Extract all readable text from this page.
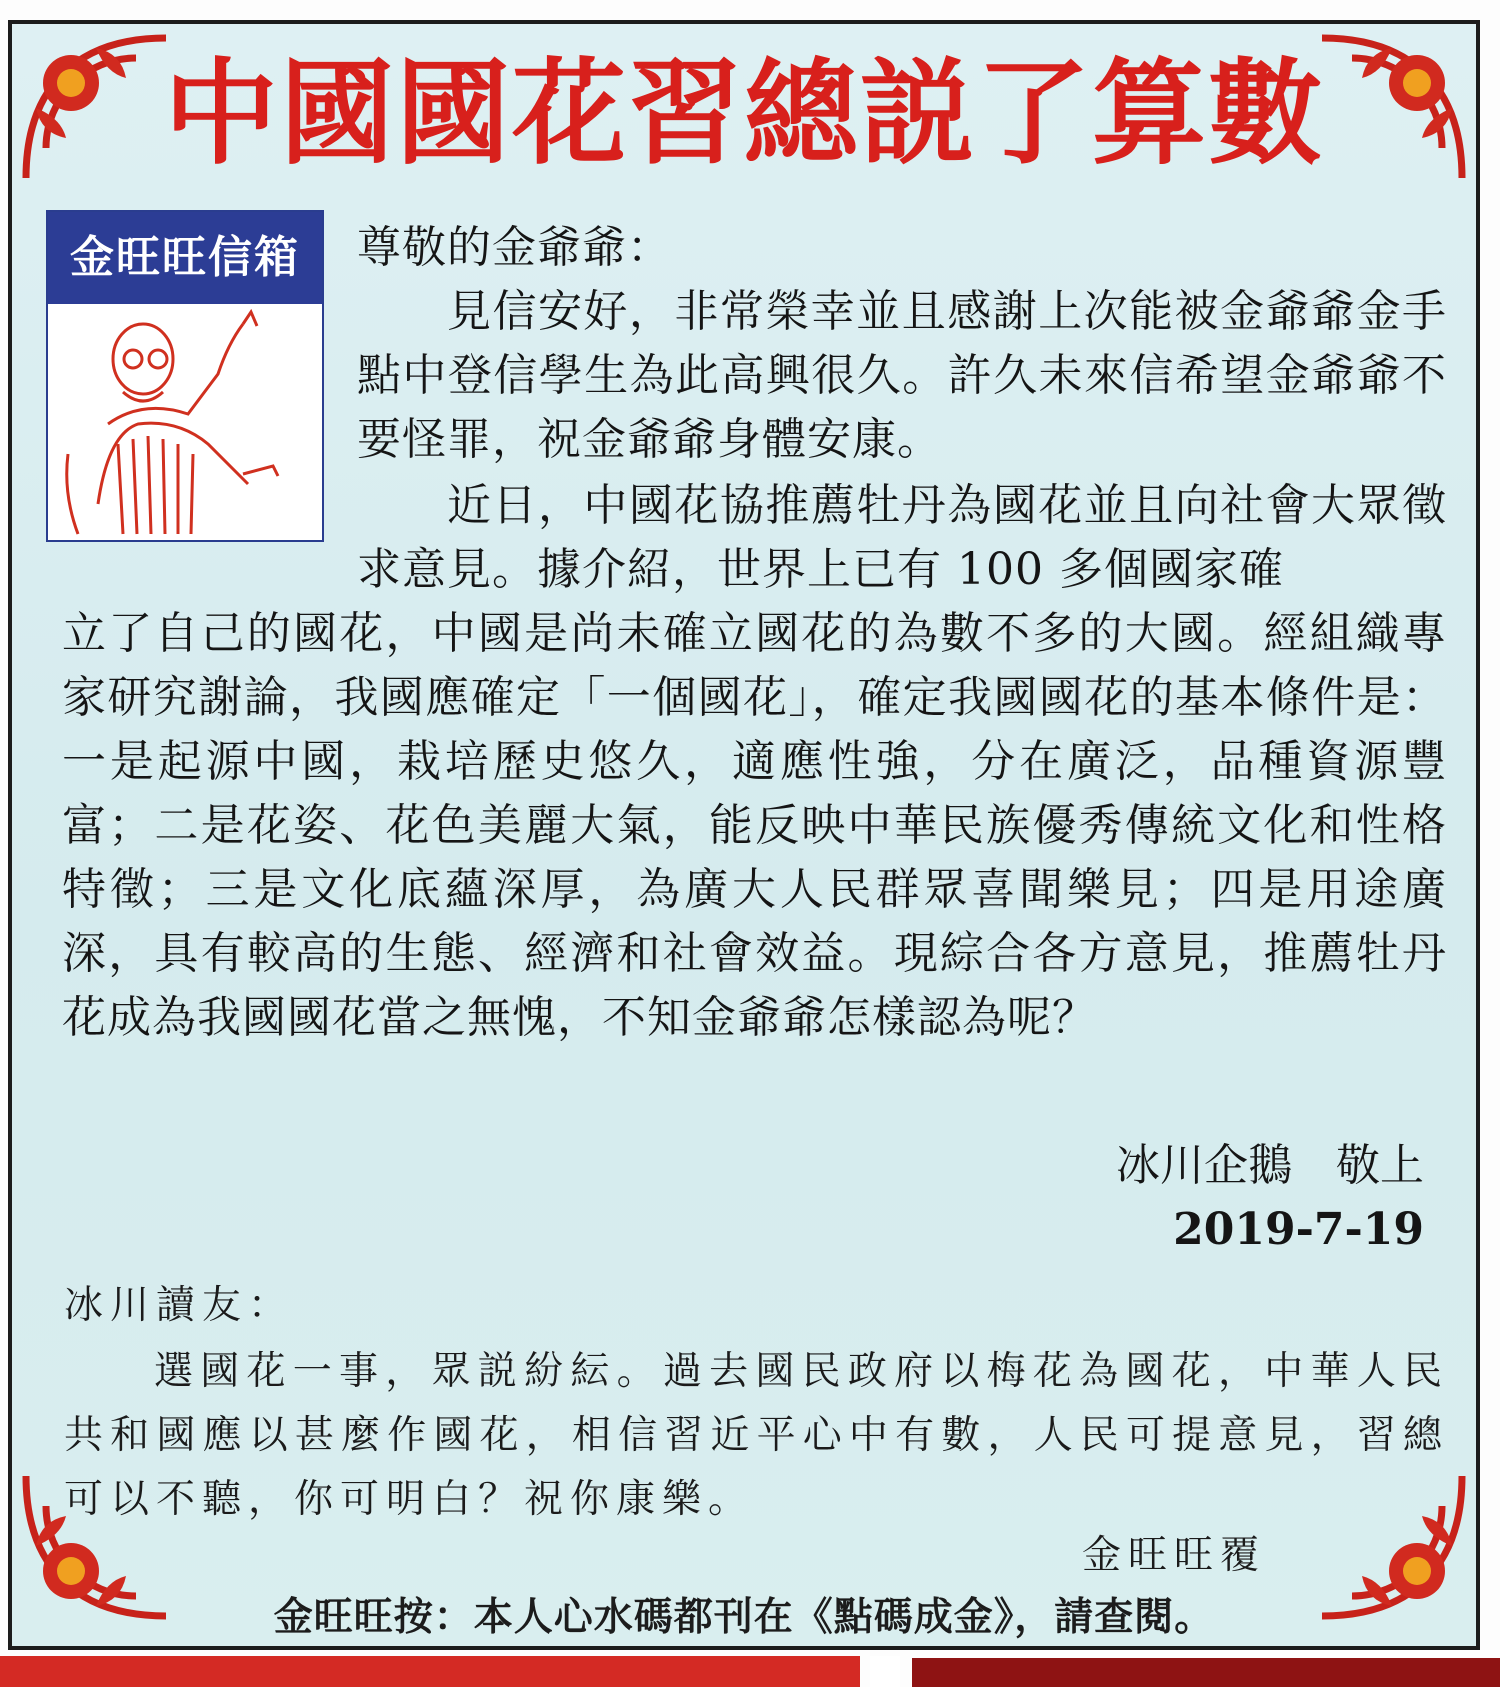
中國國花習總説了算數
金旺旺信箱	尊敬的金爺爺：
見信安好，非常榮幸並且感謝上次能被金爺爺金手點中登信學生為此高興很久。許久未來信希望金爺爺不要怪罪，祝金爺爺身體安康。
近日，中國花協推薦牡丹為國花並且向社會大眾徵求意見。據介紹，世界上已有 100 多個國家確
立了自己的國花，中國是尚未確立國花的為數不多的大國。經組織專家研究謝論，我國應確定「一個國花」，確定我國國花的基本條件是：一是起源中國，栽培歷史悠久，適應性強，分在廣泛，品種資源豐富；二是花姿、花色美麗大氣，能反映中華民族優秀傳統文化和性格特徵；三是文化底蘊深厚，為廣大人民群眾喜聞樂見；四是用途廣深，具有較高的生態、經濟和社會效益。現綜合各方意見，推薦牡丹花成為我國國花當之無愧，不知金爺爺怎樣認為呢？
冰川企鵝　敬上
2019-7-19
冰川讀友：
選國花一事，眾説紛紜。過去國民政府以梅花為國花，中華人民共和國應以甚麼作國花，相信習近平心中有數，人民可提意見，習總可以不聽，你可明白？祝你康樂。
金旺旺覆
金旺旺按：本人心水碼都刊在《點碼成金》，請查閱。
